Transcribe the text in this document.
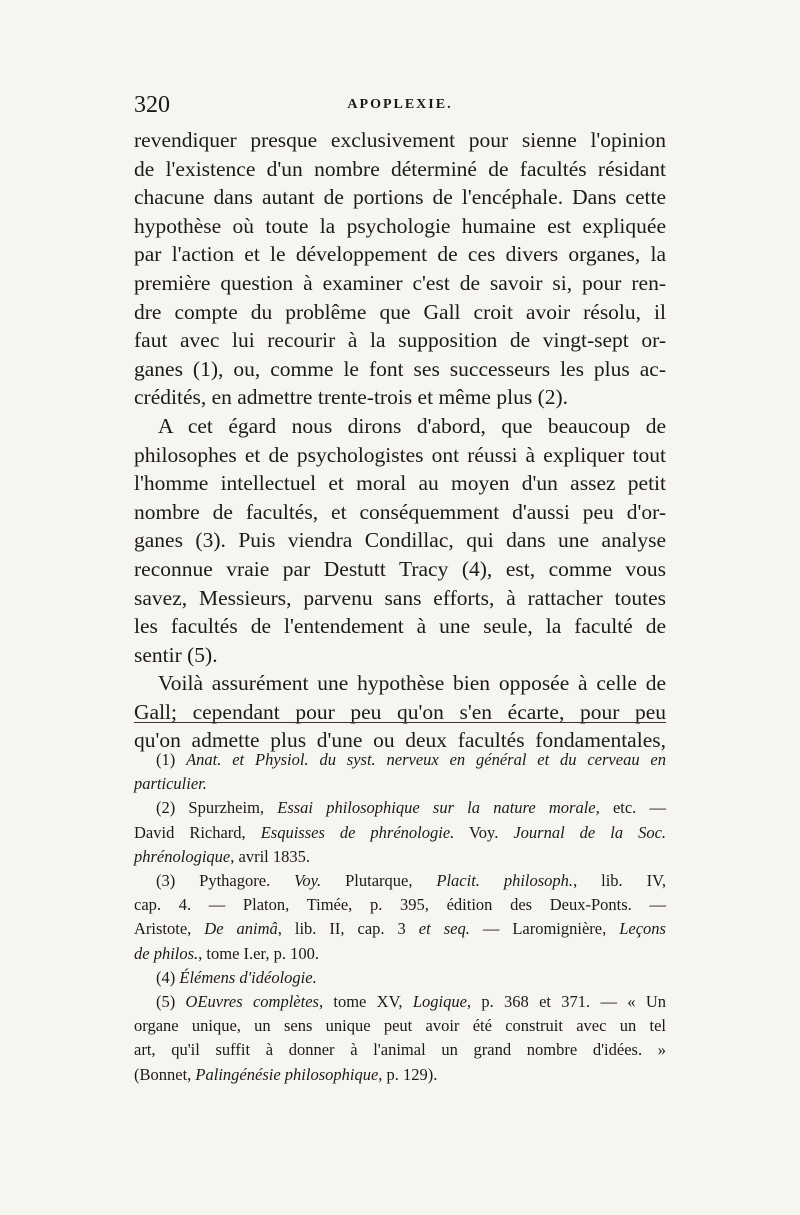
320	APOPLEXIE.
revendiquer presque exclusivement pour sienne l'opinion
de l'existence d'un nombre déterminé de facultés résidant
chacune dans autant de portions de l'encéphale. Dans cette
hypothèse où toute la psychologie humaine est expliquée
par l'action et le développement de ces divers organes, la
première question à examiner c'est de savoir si, pour ren-
dre compte du problême que Gall croit avoir résolu, il
faut avec lui recourir à la supposition de vingt-sept or-
ganes (1), ou, comme le font ses successeurs les plus ac-
crédités, en admettre trente-trois et même plus (2).
A cet égard nous dirons d'abord, que beaucoup de
philosophes et de psychologistes ont réussi à expliquer tout
l'homme intellectuel et moral au moyen d'un assez petit
nombre de facultés, et conséquemment d'aussi peu d'or-
ganes (3). Puis viendra Condillac, qui dans une analyse
reconnue vraie par Destutt Tracy (4), est, comme vous
savez, Messieurs, parvenu sans efforts, à rattacher toutes
les facultés de l'entendement à une seule, la faculté de
sentir (5).
Voilà assurément une hypothèse bien opposée à celle de
Gall; cependant pour peu qu'on s'en écarte, pour peu
qu'on admette plus d'une ou deux facultés fondamentales,
(1) Anat. et Physiol. du syst. nerveux en général et du cerveau en
particulier.
(2) Spurzheim, Essai philosophique sur la nature morale, etc. —
David Richard, Esquisses de phrénologie. Voy. Journal de la Soc.
phrénologique, avril 1835.
(3) Pythagore. Voy. Plutarque, Placit. philosoph., lib. IV,
cap. 4. — Platon, Timée, p. 395, édition des Deux-Ponts. —
Aristote, De animâ, lib. II, cap. 3 et seq. — Laromignière, Leçons
de philos., tome I.er, p. 100.
(4) Élémens d'idéologie.
(5) OEuvres complètes, tome XV, Logique, p. 368 et 371. — « Un
organe unique, un sens unique peut avoir été construit avec un tel
art, qu'il suffit à donner à l'animal un grand nombre d'idées. »
(Bonnet, Palingénésie philosophique, p. 129).
